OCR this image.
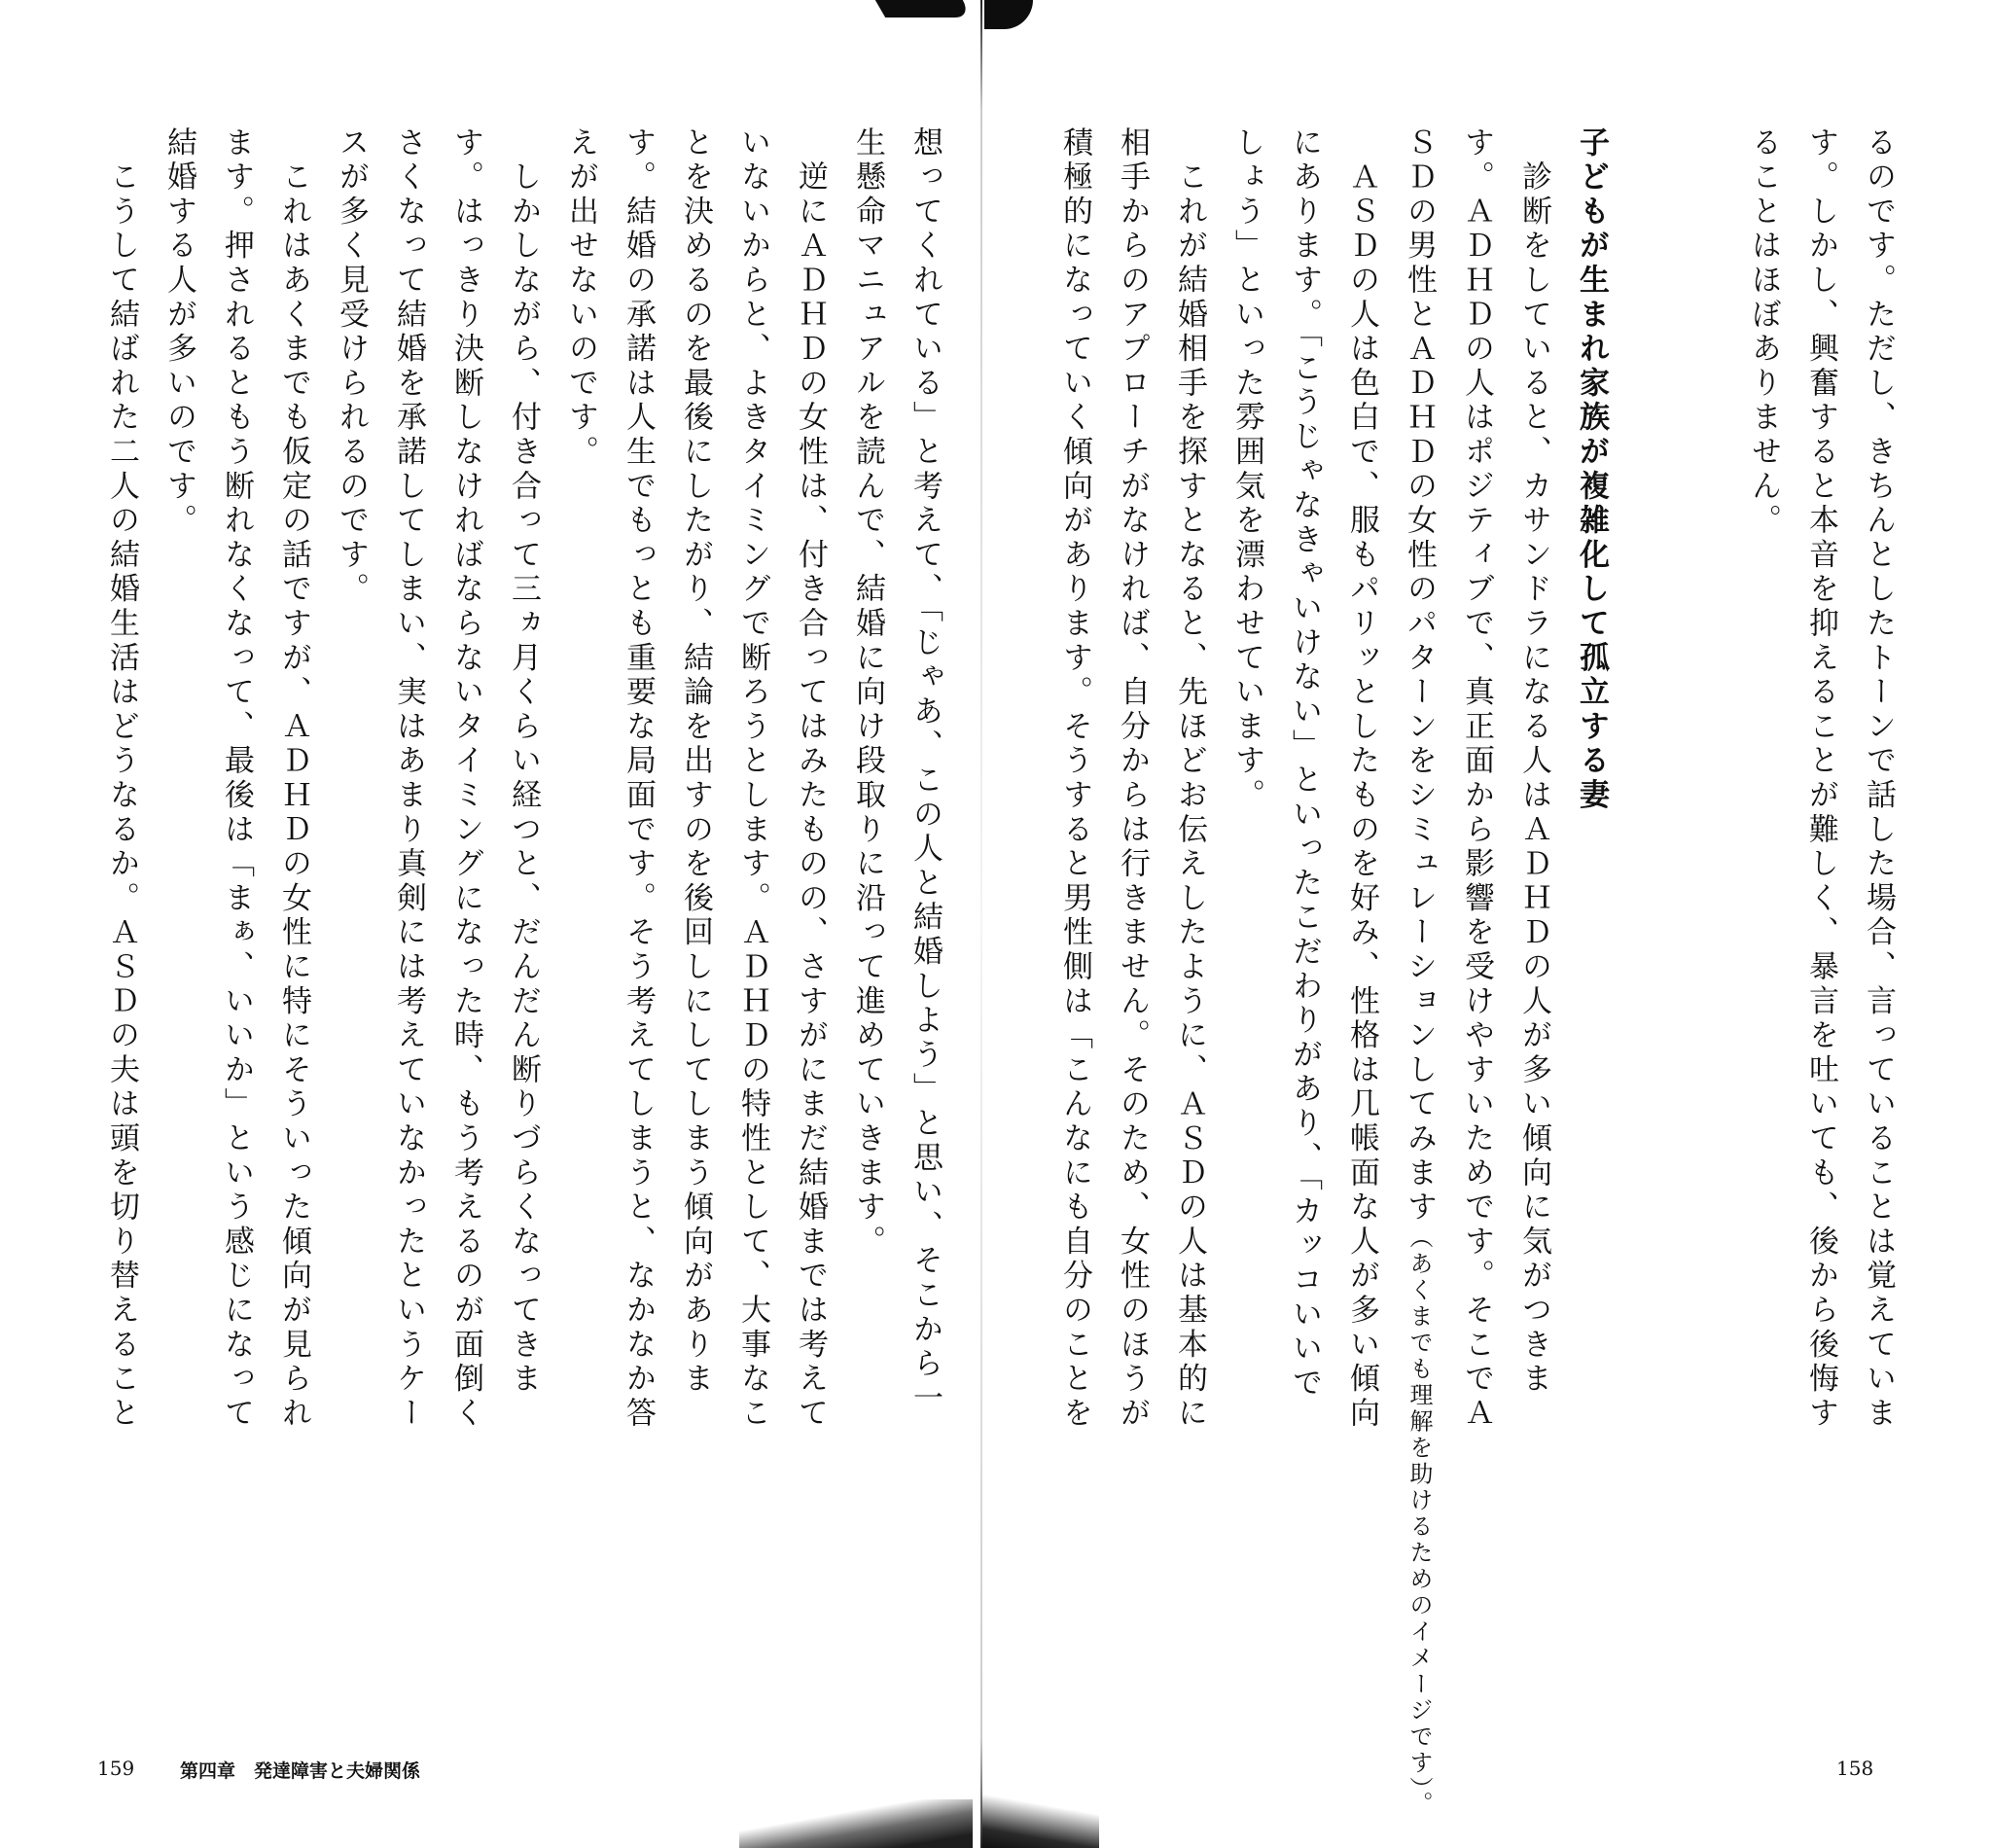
るのです。ただし、きちんとしたトーンで話した場合、言っていることは覚えていま
す。しかし、興奮すると本音を抑えることが難しく、暴言を吐いても、後から後悔す
ることはほぼありません。

子どもが生まれ家族が複雑化して孤立する妻
　診断をしていると、カサンドラになる人はＡＤＨＤの人が多い傾向に気がつきま
す。ＡＤＨＤの人はポジティブで、真正面から影響を受けやすいためです。そこでＡ
ＳＤの男性とＡＤＨＤの女性のパターンをシミュレーションしてみます（あくまでも理解を助けるためのイメージです）。
　ＡＳＤの人は色白で、服もパリッとしたものを好み、性格は几帳面な人が多い傾向
にあります。「こうじゃなきゃいけない」といったこだわりがあり、「カッコいいで
しょう」といった雰囲気を漂わせています。
　これが結婚相手を探すとなると、先ほどお伝えしたように、ＡＳＤの人は基本的に
相手からのアプローチがなければ、自分からは行きません。そのため、女性のほうが
積極的になっていく傾向があります。そうすると男性側は「こんなにも自分のことを
想ってくれている」と考えて、「じゃあ、この人と結婚しよう」と思い、そこから一
生懸命マニュアルを読んで、結婚に向け段取りに沿って進めていきます。
　逆にＡＤＨＤの女性は、付き合ってはみたものの、さすがにまだ結婚までは考えて
いないからと、よきタイミングで断ろうとします。ＡＤＨＤの特性として、大事なこ
とを決めるのを最後にしたがり、結論を出すのを後回しにしてしまう傾向がありま
す。結婚の承諾は人生でもっとも重要な局面です。そう考えてしまうと、なかなか答
えが出せないのです。
　しかしながら、付き合って三ヵ月くらい経つと、だんだん断りづらくなってきま
す。はっきり決断しなければならないタイミングになった時、もう考えるのが面倒く
さくなって結婚を承諾してしまい、実はあまり真剣には考えていなかったというケー
スが多く見受けられるのです。
　これはあくまでも仮定の話ですが、ＡＤＨＤの女性に特にそういった傾向が見られ
ます。押されるともう断れなくなって、最後は「まぁ、いいか」という感じになって
結婚する人が多いのです。
　こうして結ばれた二人の結婚生活はどうなるか。ＡＳＤの夫は頭を切り替えること
159 第四章　発達障害と夫婦関係	158
